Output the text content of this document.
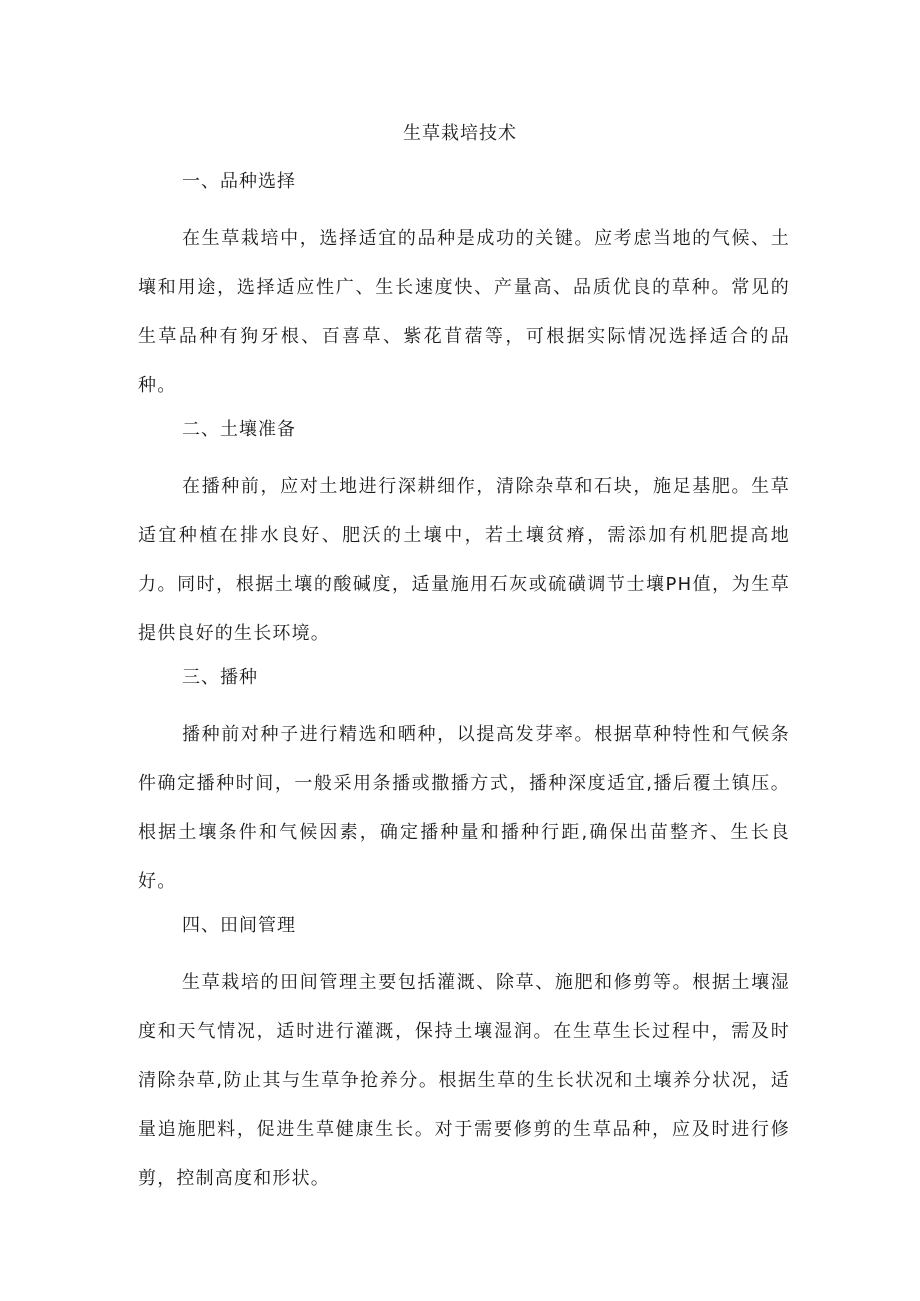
生草栽培技术

一、品种选择

在生草栽培中，选择适宜的品种是成功的关键。应考虑当地的气候、土壤和用途，选择适应性广、生长速度快、产量高、品质优良的草种。常见的生草品种有狗牙根、百喜草、紫花苜蓿等，可根据实际情况选择适合的品种。

二、土壤准备

在播种前，应对土地进行深耕细作，清除杂草和石块，施足基肥。生草适宜种植在排水良好、肥沃的土壤中，若土壤贫瘠，需添加有机肥提高地力。同时，根据土壤的酸碱度，适量施用石灰或硫磺调节士壤PH值，为生草提供良好的生长环境。

三、播种

播种前对种子进行精选和晒种，以提高发芽率。根据草种特性和气候条件确定播种时间，一般采用条播或撒播方式，播种深度适宜,播后覆土镇压。根据土壤条件和气候因素，确定播种量和播种行距,确保出苗整齐、生长良好。

四、田间管理

生草栽培的田间管理主要包括灌溉、除草、施肥和修剪等。根据土壤湿度和天气情况，适时进行灌溉，保持土壤湿润。在生草生长过程中，需及时清除杂草,防止其与生草争抢养分。根据生草的生长状况和土壤养分状况，适量追施肥料，促进生草健康生长。对于需要修剪的生草品种，应及时进行修剪，控制高度和形状。
